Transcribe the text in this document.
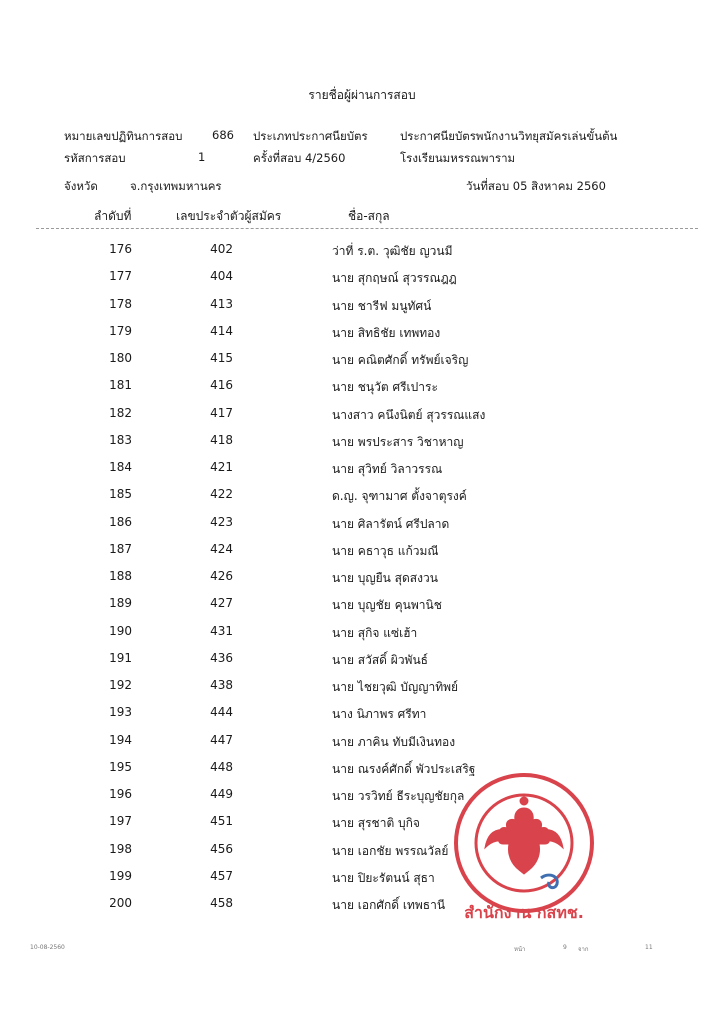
รายชื่อผู้ผ่านการสอบ
หมายเลขปฏิทินการสอบ	686 ประเภทประกาศนียบัตร	ประกาศนียบัตรพนักงานวิทยุสมัครเล่นขั้นต้น
รหัสการสอบ	1	ครั้งที่สอบ 4/2560	โรงเรียนมหรรณพาราม
จังหวัด	จ.กรุงเทพมหานคร	วันที่สอบ 05 สิงหาคม 2560
ลำดับที่	เลขประจำตัวผู้สมัคร	ชื่อ-สกุล
176	402	ว่าที่ ร.ต. วุฒิชัย ญวนมี
177	404	นาย สุกฤษณ์ สุวรรณฎฎ
178	413	นาย ชารีฟ มนูทัศน์
179	414	นาย สิทธิชัย เทพทอง
180	415	นาย คณิตศักดิ์ ทรัพย์เจริญ
181	416	นาย ชนุวัต ศรีเปาระ
182	417	นางสาว คนึงนิตย์ สุวรรณแสง
183	418	นาย พรประสาร วิชาหาญ
184	421	นาย สุวิทย์ วิลาวรรณ
185	422	ด.ญ. จุฑามาศ ตั้งจาตุรงค์
186	423	นาย ศิลารัตน์ ศรีปลาด
187	424	นาย คธาวุธ แก้วมณี
188	426	นาย บุญยืน สุดสงวน
189	427	นาย บุญชัย คุนพานิช
190	431	นาย สุกิจ แซ่เฮ้า
191	436	นาย สวัสดิ์ ผิวพันธ์
192	438	นาย ไชยวุฒิ บัญญาทิพย์
193	444	นาง นิภาพร ศรีทา
194	447	นาย ภาคิน ทับมีเงินทอง
195	448	นาย ณรงค์ศักดิ์ พัวประเสริฐ
196	449	นาย วรวิทย์ ธีระบุญชัยกุล
197	451	นาย สุรชาติ บุกิจ
198	456	นาย เอกชัย พรรณวัลย์
199	457	นาย ปิยะรัตนน์ สุธา
200	458	นาย เอกศักดิ์ เทพธานี
10-08-2560	หน้า	9 จาก	11
สำนักงาน กสทช.
